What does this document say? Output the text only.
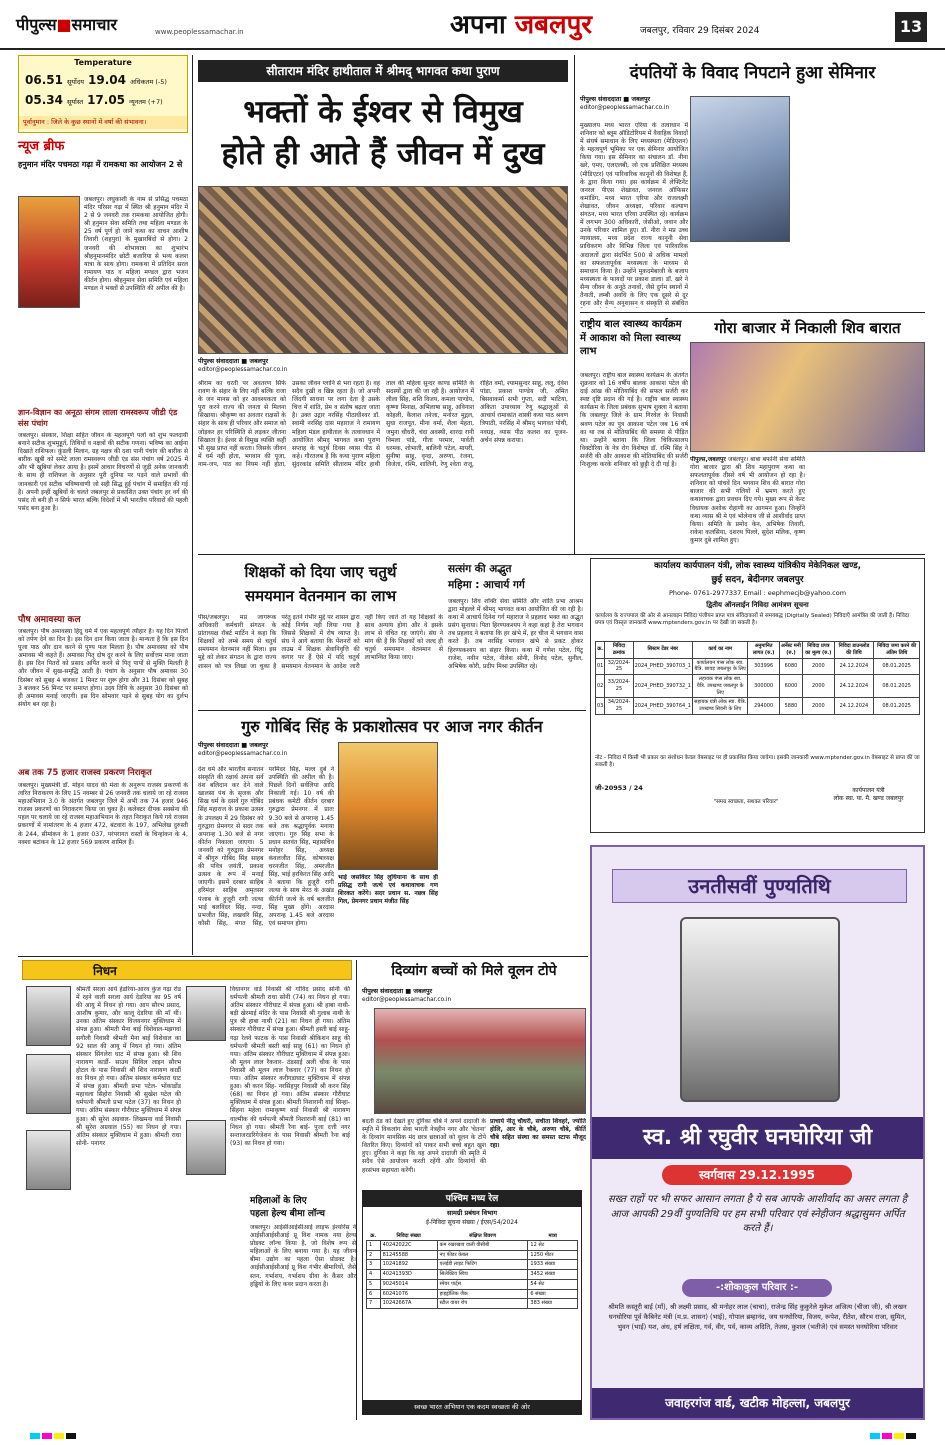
पीपुल्स■समाचार	www.peoplessamachar.in	अपना जबलपुर	जबलपुर, रविवार 29 दिसंबर 2024	13
Temperature
06.51 सूर्योदय 19.04 अधिकतम (-5)
05.34 सूर्यास्त 17.05 न्यूनतम (+7)
पूर्वानुमान : जिले के कुछ स्थानों में वर्षा की संभावना।
न्यूज ब्रीफ
हनुमान मंदिर पचमठा गढ़ा में रामकथा का आयोजन 2 से
जबलपुर। लघुकाशी के नाम से प्रसिद्ध पचमठा मंदिर परिसर गढ़ा में स्थित श्री हनुमान मंदिर में 2 से 9 जनवरी तक रामकथा आयोजित होगी। श्री हनुमान सेवा समिति तथा महिला मण्डल के 25 वर्ष पूर्ण हो जाने कथा का वाचन आशीष तिवारी (शहपुरा) के मुखारबिंदो से होगा। 2 जनवरी की शोभायात्रा का शुभारंभ श्रीहनुमानमंदिर छोटी बजारिया से भव्य कलश यात्रा के साथ होगा। रामकथा में प्रतिदिन सरल रामायण पाठ व महिला मण्डल द्वारा भजन कीर्तन होगा। श्रीहनुमान सेवा समिति एवं महिला मण्डल ने भक्तों से उपस्थिति की अपील की है।
ज्ञान-विज्ञान का अनूठा संगम लाला रामस्वरूप जीडी एंड संस पंचांग
जबलपुर। संस्कार, शिक्षा सहित जीवन के महत्वपूर्ण पलों को शुभ फलदायी बनाने सटीक शुभमुहूर्त, तिथियों व नक्षत्रों की सटीक गणना। भविष्य का आईना दिखाते राशिफल। कुंडली मिलान, ग्रह नक्षत्र की दशा पानी पंचांग की बारीक से बारीक खूबी को समेटे लाला रामस्वरूप जीडी एंड संस पंचांग वर्ष 2025 में और भी खूबियां लेकर आया है। इसमें आधार विचरणों से जुड़ी अनेक जानकारी के साथ ही राशिफल के अनुसार पूरी दुनिया पर पड़ने वाले प्रभावों की जानकारी एवं सटीक भविष्यवाणी जो सही सिद्ध हुई पंचांग में समाहित की गई है। अपनी इन्हीं खूबियों के चलते जबलपुर से प्रकाशित उक्त पंचांग हर वर्ग की पसंद तो बनी ही न सिर्फ भारत बल्कि विदेशों में भी भारतीय परिवारों की पहली पसंद बना हुआ है।
पौष अमावस्या कल
जबलपुर। पौष अमावस्या हिंदू धर्म में एक महत्वपूर्ण त्यौहार है। यह दिन पितरों को तर्पण देने का दिन है। इस दिन दान किया जाता है। मान्यता है कि इस दिन पूजा पाठ और दान करने से पुण्य फल मिलता है। पौष अमावस्या को पौष अमावस भी कहते हैं। अमावस पितृ दोष दूर करने के लिए सर्वोत्तम माना जाता है। इस दिन पितरों को प्रसाद अर्पित करने से पितृ पापों से मुक्ति मिलती है और जीवन में सुख-समृद्धि आती है। पंचांग के अनुसार पौष अमावस 30 दिसंबर को सुबह 4 बजकर 1 मिनट पर शुरू होगा और 31 दिसंबर को सुबह 3 बजकर 56 मिनट पर समाप्त होगा। उदय तिथि के अनुसार 30 दिसंबर को ही अमावस मनाई जाएगी। इस दिन सोमवार पड़ने से सुबह योग का दुर्लभ संयोग बन रहा है।
अब तक 75 हजार राजस्व प्रकरण निराकृत
जबलपुर। मुख्यमंत्री डॉ. मोहन यादव की मंशा के अनुरूप राजस्व प्रकरणों के त्वरित निराकरण के लिए 15 नवम्बर से 26 जनवरी तक चलाये जा रहे राजस्व महाअभियान 3.0 के अंतर्गत जबलपुर जिले में अभी तक 74 हजार 946 राजस्व प्रकरणों का निराकरण किया जा चुका है। कलेक्टर दीपक सक्सेना की पहल पर चलाये जा रहे राजस्व महाअभियान के तहत निराकृत किये गये राजस्व प्रकरणों में नामांतरण के 4 हजार 472, बंटवारा के 197, अभिलेख दुरुस्ती के 244, सीमांकन के 1 हजार 037, परंपरागत रास्तों के चिन्हांकन के 4, नक्शा बटांकन के 12 हजार 569 प्रकरण शामिल हैं।
सीताराम मंदिर हाथीताल में श्रीमद् भागवत कथा पुराण
भक्तों के ईश्वर से विमुख
होते ही आते हैं जीवन में दुख
पीपुल्स संवाददाता ■ जबलपुर
editor@peoplessamachar.co.in
श्रीराम का धरती पर अवतरण सिर्फ रावण के संहार के लिए नहीं बल्कि राजा के जन मानस को हर आवश्यकता को पूरा करने राज्य की जनता से मिलना सिखाया। श्रीकृष्ण का अवतार राक्षसों के संहार के साथ ही परिवार और समाज को जोड़कर हर परिस्थिति से लड़कर जीतना सिखाता है। ईश्वर से विमुख व्यक्ति कहीं भी सुख प्राप्त नहीं करता। जिसके जीवन में धर्म नहीं होता, भगवान की पूजा, नाम-जप, पाठ का नियम नहीं होता, उसका जीवन ग्लानि से भरा रहता है। वह सदैव दुखी व खिन्न रहता है। जो अपनी जिंदगी साधना पर लगा देता है उसके चित्त में शांति, प्रेम व संतोष बढ़ता जाता है। उक्त उद्गार नरसिंह पीठाधीश्वर डॉ. स्वामी नरसिंह दास महाराज ने रामायण महिला मंडल हाथीताल के तत्वावधान में आयोजित श्रीमद् भागवत कथा पुराण सप्ताह के चतुर्थ दिवस व्यास पीठ से कहे। गौरतलब है कि कथा पुराण महिला सुंदरकांड समिति सीताराम मंदिर हाथी ताल की महिला सुन्दर काण्ड समिति के सदस्यों द्वारा की जा रही है। आयोजन में लीला सिंह, शशि विजय, कमला पाण्डेय, कृष्णा मिनाक्ष, अभिलाषा साहू, अविनाश कोहली, कैलाश तनेजा, मनोरत मुद्गल, सुधा राजपूत, मीना वर्मा, शैला मेहता, जमुना चौधरी, चंदा अवस्थी, शारदा रानी विमला पांडे, गीता परमार, पार्वती धरमक, शोभाती, बालिनी पटेल, मायरी, सुनीषा साहू, वृन्दा, अरुणा, रंजना, विजेता, रश्मि, शालिनी, रेणु श्वेता राजू, रोहित वर्मा, श्यामसुन्दर साहू, ललू, देवेश पांडा, प्रकाश पाण्डेय जी, अमित बिसवाकर्मा सभी गुप्ता, सदी भाटिया, अंकिता उपाध्याय रेणु श्रद्धालुओं से आचार्य रामाकांत शास्त्री कथा पाठ श्रवण त्रिपाठी, नरसिंह में श्रीमद् भागवत पोथी, नवग्रह, व्यास पीठ कलश का पूजन-अर्चन संपन्न कराया।
दंपतियों के विवाद निपटाने हुआ सेमिनार
पीपुल्स संवाददाता ■ जबलपुर
editor@peoplessamachar.co.in
मुख्यालय मध्य भारत एरिया के तत्वाधान में शनिवार को ब्लूम ऑडिटोरियम में वैवाहिक विवादों में संघर्ष समाधान के लिए मध्यस्थता (मेडिएशन) के महत्वपूर्ण भूमिका पर एक सेमिनार आयोजित किया गया। इस सेमिनार का संचालन डॉ. नीना खरे, एमए, एलएलबी, जो एक प्रशिक्षित मध्यस्थ (मीडिएटर) एवं पारिवारिक कानूनों की विशेषज्ञ हैं, के द्वारा किया गया। इस कार्यक्रम में लेफ्टिनेंट जनरल पीएस शेखावत, जनरल ऑफिसर कमांडिंग, मध्य भारत एरिया और राजलक्ष्मी शेखावत, जीवन अध्यक्षा, परिवार कल्याण संगठन, मध्य भारत एरिया उपस्थित रहे। कार्यक्रम में लगभग 300 अधिकारी, जेसीओ, जवान और उनके परिवार शामिल हुए। डॉ. नीरा ने मप्र उच्च न्यायालय, मध्य प्रदेश राज्य कानूनी सेवा प्राधिकरण और विभिन्न जिला एवं पारिवारिक अदालतों द्वारा संदर्भित 500 से अधिक मामलों का सफलतापूर्वक मध्यस्थता के माध्यम से समाधान किया है। उन्होंने मुकदमेबाजी के बजाय मध्यस्थता के फायदों पर प्रकाश डाला। डॉ. खरे ने सैन्य जीवन के अनूठे तनावों, जैसे दुर्गम स्थानों में तैनाती, लम्बी अवधि के लिए एक दूसरे से दूर रहना और सैन्य अनुशासन व संस्कृति से संबंधित
राष्ट्रीय बाल स्वास्थ्य कार्यक्रम में आकाश को मिला स्वास्थ्य लाभ
जबलपुर। राष्ट्रीय बाल स्वास्थ्य कार्यक्रम के अंतर्गत शुक्रवार को 16 वर्षीय बालक आकाश पटेल की दाई आंख की मोतियाबिंद की सफल सर्जरी कर स्पष्ट दृष्टि प्रदान की गई है। राष्ट्रीय बाल स्वास्थ्य कार्यक्रम के जिला प्रबंधक सुभाष शुक्ला ने बताया कि जबलपुर जिले के ग्राम गिरवेल के निवासी श्रवण पटेल का पुत्र आकाश पटेल जब 16 वर्ष का था तब से मोतियाबिंद की समस्या से पीड़ित था। उन्होंने बताया कि जिला चिकित्सालय विक्टोरिया के नेत्र रोग विशेषज्ञ डॉ. रश्मि सिंह ने सर्जरी की और आकाश की मोतियाबिंद की सर्जरी निःशुल्क करके शनिवार को छुट्टी दे दी गई है।
गोरा बाजार में निकाली शिव बारात
पीपुल्स,जबलपुर जबलपुर। बाबा बर्फानी सेवा समिति गोरा बाजार द्वारा श्री शिव महापुराण कथा का सफलतापूर्वक तीसरे वर्ष भी आयोजन हो रहा है। शनिवार को पांचवें दिन भगवान शिव की बारात गोरा बाजार की सभी गलियों में भ्रमण करते हुए कथावाचक द्वारा प्रवचन दिए गये। मुख्य रूप से केन्ट विधायक अशोक रोहाणी का आगमन हुआ। जिन्होंने कथा व्यास श्री मे एवं भोलेनाथ जी से आशीर्वाद प्राप्त किया। समिति के प्रमोद केन, अभिषेक तिवारी, राकेश कलसिया, दशरथ पिल्ले, सुदेश मलिक, कृष्ण कुमार दुबे शामिल हुए।
शिक्षकों को दिया जाए चतुर्थ
समयमान वेतनमान का लाभ
पीस/जबलपुर। मप्र जागरूक अधिकारी कर्मचारी संगठन के प्रांताध्यक्ष रॉबर्ट मार्टिन ने कहा कि शिक्षकों को लम्बे समय से चतुर्थ समयमान वेतनमान नहीं मिला। इस मुद्दे को लेकर संगठन के द्वारा राज्य शासन को पत्र लिखा जा चुका है परंतु इतने गंभीर मुद्दे पर शासन द्वारा कोई निर्णय नहीं लिया गया है जिससे शिक्षकों में रोष व्याप्त है। संघ ने आगे बताया कि पेंशनरों को ताउम्र में शिक्षक सेवानिवृत्ति की कगार पर हैं ऐसे में यदि चतुर्थ समयमान वेतनमान के आदेश जारी नहीं किए जाते तो यह शिक्षकों के साथ अन्याय होगा और वे इसके लाभ से वंचित रह जाएंगे। संघ ने मांग की है कि शिक्षकों को जल्द ही चतुर्थ समयमान वेतनमान से लाभान्वित किया जाए।
सत्संग की अद्भुत
महिमा : आचार्य गर्ग
जबलपुर। शिव शक्ति सेवा समिति और शांति प्रभा आश्रम द्वारा मोहल्ले में श्रीमद् भागवत कथा आयोजित की जा रही है। कथा में आचार्य दिनेश गर्ग महाराज ने प्रहलाद भक्त का अद्भुत प्रसंग सुनाया। पिता हिरण्यकश्यप ने कहा कहां है तेरा भगवान तब प्रहलाद ने बताया कि हर खंभे में, हर चीज में भगवान वास करते हैं। तब नरसिंह भगवान खंभे से प्रकट होकर हिरण्यकश्यप का संहार किया। कथा में गणेश पटेल, पिंटू राजेश, नवीन पटेल, नीलेश सोनी, विनोद पटेल, सुनील, अभिषेक कोरी, प्रदीप मिश्रा उपस्थित रहे।
कार्यालय कार्यपालन यंत्री, लोक स्वास्थ्य यांत्रिकीय मेकेनिकल खण्ड,
छुई सदन, बेदीनगर जबलपुर
Phone- 0761-2977337 Email : eephmecjb@yahoo.com
द्वितीय ऑनलाईन निविदा आमंत्रण सूचना
कार्यालय के राज्यपाल की ओर से आनलाइन निविदा पंजीयन प्राप्त पात्र संविदाकारों से समयबद्ध (Digitally Sealed) निविदाएँ आमंत्रित की जाती हैं। निविदा प्रपत्र एवं विस्तृत जानकारी www.mptenders.gov.in पर देखी जा सकती है।
क्र.	निविदा क्रमांक	सिस्टम टेंडर नंबर	कार्य का नाम	अनुमानित लागत (रु.)	अर्नेस्ट मनी (रु.)	निविदा प्रपत्र का मूल्य (रु.)	निविदा डाउनलोड की तिथि	निविदा जमा करने की अंतिम तिथि
01	32/2024-25	2024_PHED_390703_1	कार्यालयन पंप्स लोक स्वा. यैत्रि. छावड़ जबलपुर के लिए	303996	6080	2000	24.12.2024	08.01.2025
02	33/2024-25	2024_PHED_390732_1	लहायक पंप्स लोक स्वा. यैत्रि. उपखण्ड जबलपुर के लिए	300000	6000	2000	24.12.2024	08.01.2025
03	34/2024-25	2024_PHED_390764_1	सहायक यंत्री लोक स्वा. यैत्रि. उपखण्ड सिवनी के लिए	294000	5880	2000	24.12.2024	08.01.2025
नोट - निविदा में किसी भी प्रकार का संशोधन केवल वेबसाइट पर ही प्रकाशित किया जावेगा। इसकी जानकारी www.mptender.gov.in वेबसाइट से प्राप्त की जा सकती है।
जी-20953 / 24
"समग्र स्वच्छता, सशक्त परिवार"
कार्यपालन यंत्री
लोक स्वा. या. मै. खण्ड जबलपुर
गुरु गोबिंद सिंह के प्रकाशोत्सव पर आज नगर कीर्तन
पीपुल्स संवाददाता ■ जबलपुर
editor@peoplessamachar.co.in
देश धर्म और भारतीय सनातन संस्कृति की रक्षार्थ अपना सर्व वंश बलिदान कर देने वाले खालसा पंथ के सृजक और सिख धर्म के दसवें गुरु गोबिंद सिंह महाराज के प्रकाश उत्सव के उपलक्ष्य में 29 दिसंबर को गुरुद्वारा प्रेमनगर से सदर तक अपरान्ह 1.30 बजे से नगर कीर्तन निकाला जाएगा। 5 जनवरी को गुरुद्वारा प्रेमनगर में श्रीगुरु गोबिंद सिंह साहब की पवित्र जयंती, प्रकाश उत्सव के रूप में मनाई जाएगी। इसमें दरबार साहिब हरिमंदर साहिब अमृतसर पंजाब के हुजूरी रागी जत्था भाई बलविंदर सिंह, नन्दा, प्रभजीत सिंह, लखवरि सिंह, कौसी सिंह, मंगत सिंह, परमिंदर सिंह, मल्ल दुबे ने उपस्थिति की अपील की है। पिछले दिनों सर्वलिया आदि निकाली गई। 10 वर्ष की प्रबंधक कमेटी कीर्तन दरबार गुरुद्वारा प्रेमनगर में प्रातः 9.30 बजे से अपरान्ह 1.45 बजे तक श्रद्धापूर्वक मनाया जाएगा। गुरु सिंह सभा के प्रधान सतवंत सिंह, महासचिव मनोहर सिंह, अध्यक्ष कंवलजीत सिंह, कोषाध्यक्ष चरनजीत सिंह, अमरजीत सिंह, भाई हरकिरत सिंह आदि ने बताया कि हुजूरी रागी जत्था के साथ मेरठ के अखंड कीर्तनी जत्थे के वर्ष बलजीत सिंह मुख्य होंगे। अरदास अपरान्ह 1.45 बजे अरदास एवं समापन होगा।
भाई जसविंदर सिंह लुधियाना के साथ ही प्रसिद्ध रागी जत्थे एवं कथावाचक गण शिरकत करेंगे। सदर प्रधान स. नछत्र सिंह गिल, प्रेमनगर प्रधान मंजीत सिंह
निधन
श्रीमती सरला आर्य हेडरिया-आरव कुंज गढ़ा रोड में रहने वाली सरला आर्य देडरिया का 95 वर्ष की आयु में निधन हो गया। आप सौरभ प्रसाद, आशीष कुमार, और कालू देडरिया की माँ थीं। उनका अंतिम संस्कार विजयनगर मुक्तिधाम में संपन्न हुआ। श्रीमती मैना बाई विशेवाल-मझगवां सगौली निवासी श्रीमती मैना बाई विशेवाल का 92 साल की आयु में निधन हो गया। अंतिम संस्कार सिंगलेरा घाट में संपन्न हुआ। श्री शिव नारायण कार्डी- साउथ सिविल लाइन सौरभ होटल के पास निवासी श्री शिव नारायण कार्डी का निधन हो गया। अंतिम संस्कार कर्मधारा घाट में संपन्न हुआ। श्रीमती प्रभा पटेल- भोंकाडोंड महावला सिहोरा निवासी श्री सुखेश पटेल की धर्मपत्नी श्रीमती प्रभा पटेल (37) का निधन हो गया। अंतिम संस्कार गौरीघाट मुक्तिधाम में संपन्न हुआ। श्री सुरेश अग्रवाल- लिखमना वार्ड निवासी श्री सुरेश अग्रवाल (55) का निधन हो गया। अंतिम संस्कार मुक्तिधाम में हुआ। श्रीमती राधा सोनी- पनागर
विधानगर वार्ड निवासी श्री गोविंद प्रसाद सोनी की धर्मपत्नी श्रीमती राधा सोनी (74) का निधन हो गया। अंतिम संस्कार गौरीघाट में संपन्न हुआ। श्री हाबा नाथी- बड़ी खेरमाई मंदिर के पास निवासी श्री गुलाब नाथी के पुत्र श्री हाबा नाथी (21) का निधन हो गया। अंतिम संस्कार गौरीघाट में संपन्न हुआ। श्रीमती हस्ती बाई साहू- गढ़ा रेलवे फाटक के पास निवासी श्रीकिशन साहू की धर्मपत्नी श्रीमती बस्ती बाई साहू (61) का निधन हो गया। अंतिम संस्कार गौरीघाट मुक्तिधाम में संपन्न हुआ। श्री मूलन लाल रैकवार- ठंडसाई अली चौक के पास निवासी श्री मूलन लाल रैकवार (77) का निधन हो गया। अंतिम संस्कार करीगडाघाट मुक्तिधाम में संपन्न हुआ। श्री करन सिंह- नरसिंहपुर निवासी श्री करन सिंह (68) का निधन हो गया। अंतिम संस्कार गौरीघाट मुक्तिधाम में संपन्न हुआ। श्रीमती निशारानी वाई सिन्हा- सिंहना महेला रामाकृष्ण वार्ड निवासी श्री नारायण वाल्मीक की धर्मपत्नी श्रीमती निशारानी बाई (81) का निधन हो गया। श्रीमती रैना बाई- पूजा दत्ती नगर सन्ताजरडरिगेजेशन के पास निवासी श्रीमती रैना बाई (93) का निधन हो गया।
दिव्यांग बच्चों को मिले वूलन टोपे
पीपुल्स संवाददाता ■ जबलपुर
editor@peoplessamachar.co.in
प्राचार्य नीतू चौधरी, सचीता शिवहरे, ज्योति होलि, आर के चौबे, अरुणा चौबे, कीर्ति चौबे सहित संस्था का समस्त स्टाफ मौजूद रहा।
बदती ठंड को देखते हुए दुर्गिका चौबे ने अपने दादाजी के स्मृति में विकलांग सेवा भारती नेत्रहीन नगर और 'चेतना' के दिव्यांग मानसिक मंद छात्र छात्राओं को वूलन के टोपे वितरित किए। दिव्यांगों को पाकर सभी बच्चे बहुत खुश हुए। दुर्गिका ने कहा कि वह अपने दादाजी की स्मृति में सदैव ऐसे आयोजन करती रहेंगी और दिव्यांगों की हरसंभव सहायता करेंगी।
महिलाओं के लिए
पहला हेल्थ बीमा लॉन्च
जबलपुर। आईसीआईसीआई लाइफ इंश्योरेंस ने आईसीआईसीआई प्रू विश नामक नया हेल्थ प्रोडक्ट लॉन्च किया है, जो विशेष रूप से महिलाओं के लिए बनाया गया है। यह जीवन बीमा उद्योग का पहला ऐसा प्रोडक्ट है। आईसीआईसीआई प्रू विश गंभीर बीमारियों, जैसे स्तन, गर्भाशय, गर्भाशय ग्रीवा के कैंसर और हड्डियों के लिए कवर प्रदान करता है।
पश्चिम मध्य रेल
सामग्री प्रबंधन विभाग
ई-निविदा सूचना संख्या / ईएस/54/2024
क्र.	निविदा संख्या	संक्षिप्त विवरण	मात्रा
1	40242022C	कम रखरखाव वाली वीसीबी	12 सेट
2	81245588	नए फीडर केबल	1250 मीटर
3	10241892	एलईडी लाइट फिटिंग	1933 संख्या
4	40241393D	सिलेक्टिव स्विच	3452 संख्या
5	90245014	स्पेयर पार्ट्स	54 सेट
6	60241076	हाइड्रोलिक जैक	6 संख्या
7	10242667A	स्टील वायर रोप	383 संख्या
स्वच्छ भारत अभियान एक कदम स्वच्छता की ओर
उनतीसवीं पुण्यतिथि
स्व. श्री रघुवीर घनघोरिया जी
स्वर्गवास 29.12.1995
सख्त राहों पर भी सफर आसान लगता है ये सब आपके आशीर्वाद का असर लगता है आज आपकी 29वीं पुण्यतिथि पर हम सभी परिवार एवं स्नेहीजन श्रद्धासुमन अर्पित करते हैं।
-:शोकाकुल परिवार :-
श्रीमति कस्तूरी बाई (माँ), श्री लक्ष्मी प्रसाद, श्री मनोहर लाल (चाचा), राजेन्द्र सिंह कुकुरेले मुकेश अजित्य (चीजा जी), श्री लखन घनघोरिया पूर्व कैबिनेट मंत्री (म.प्र. शासन) (भाई), गोपाल ब्रम्हानंद, जय घनघोरिया, विजय, रूपेश, रीतेश, सौरभ राजा, सुमित, भुवन (भाई) यश, अंध, हर्ष लक्षिता, गर्व, वीर, पर्व, काव्य अदिति, तेजस, कुशल (भतीजे) एवं समस्त घनघोरिया परिवार
जवाहरगंज वार्ड, खटीक मोहल्ला, जबलपुर
